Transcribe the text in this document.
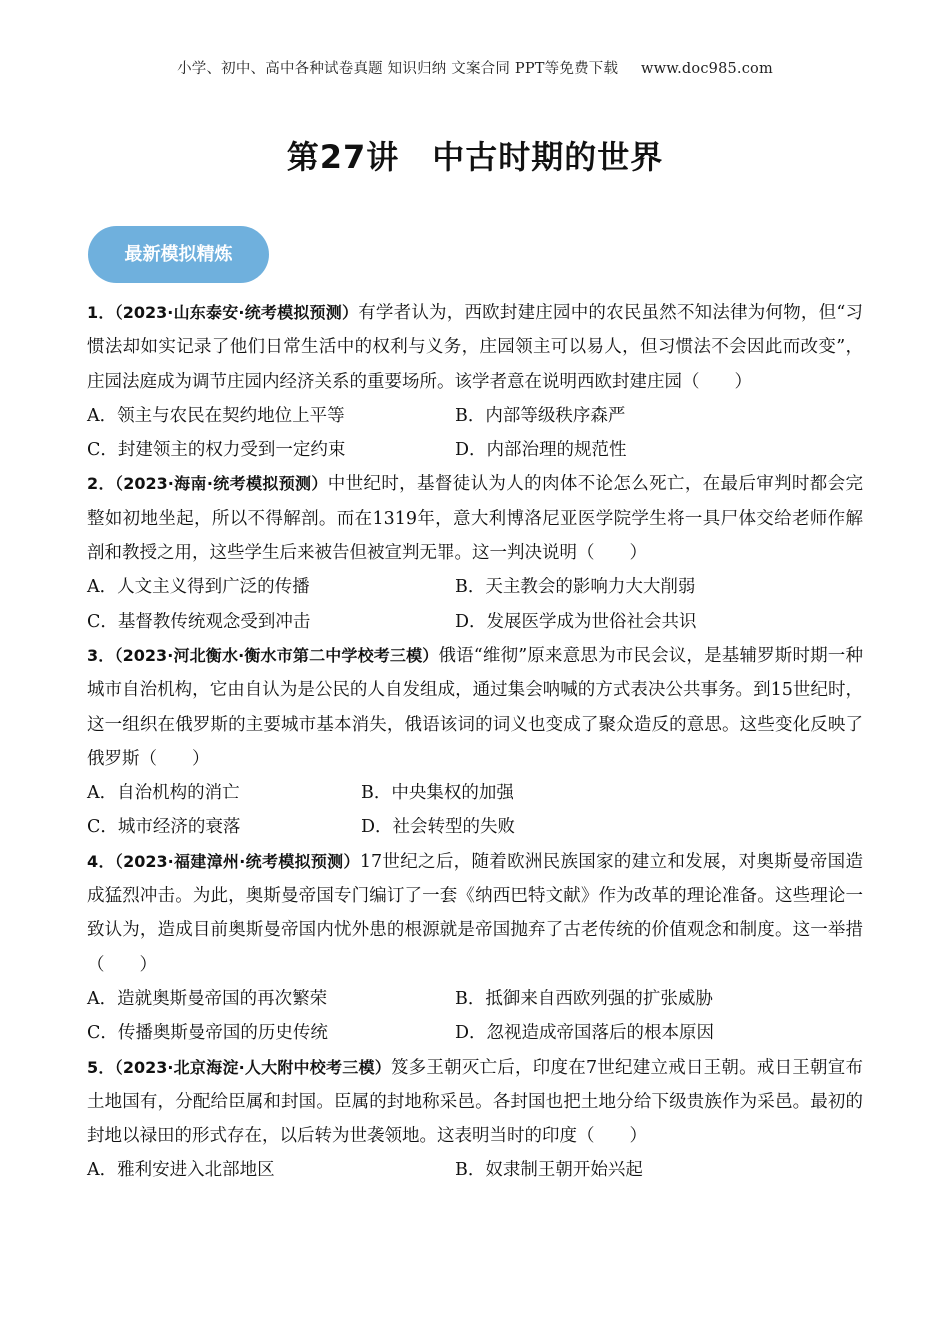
小学、初中、高中各种试卷真题 知识归纳 文案合同 PPT等免费下载 www.doc985.com
第27讲　中古时期的世界
最新模拟精炼

1．（2023·山东泰安·统考模拟预测）有学者认为，西欧封建庄园中的农民虽然不知法律为何物，但“习惯法却如实记录了他们日常生活中的权利与义务，庄园领主可以易人，但习惯法不会因此而改变”，庄园法庭成为调节庄园内经济关系的重要场所。该学者意在说明西欧封建庄园（　　）

A．领主与农民在契约地位上平等	B．内部等级秩序森严
C．封建领主的权力受到一定约束	D．内部治理的规范性

2．（2023·海南·统考模拟预测）中世纪时，基督徒认为人的肉体不论怎么死亡，在最后审判时都会完整如初地坐起，所以不得解剖。而在1319年，意大利博洛尼亚医学院学生将一具尸体交给老师作解剖和教授之用，这些学生后来被告但被宣判无罪。这一判决说明（　　）

A．人文主义得到广泛的传播	B．天主教会的影响力大大削弱
C．基督教传统观念受到冲击	D．发展医学成为世俗社会共识

3．（2023·河北衡水·衡水市第二中学校考三模）俄语“维彻”原来意思为市民会议，是基辅罗斯时期一种城市自治机构，它由自认为是公民的人自发组成，通过集会呐喊的方式表决公共事务。到15世纪时，这一组织在俄罗斯的主要城市基本消失，俄语该词的词义也变成了聚众造反的意思。这些变化反映了俄罗斯（　　）

A．自治机构的消亡	B．中央集权的加强
C．城市经济的衰落	D．社会转型的失败

4．（2023·福建漳州·统考模拟预测）17世纪之后，随着欧洲民族国家的建立和发展，对奥斯曼帝国造成猛烈冲击。为此，奥斯曼帝国专门编订了一套《纳西巴特文献》作为改革的理论准备。这些理论一致认为，造成目前奥斯曼帝国内忧外患的根源就是帝国抛弃了古老传统的价值观念和制度。这一举措（　　）

A．造就奥斯曼帝国的再次繁荣	B．抵御来自西欧列强的扩张威胁
C．传播奥斯曼帝国的历史传统	D．忽视造成帝国落后的根本原因

5．（2023·北京海淀·人大附中校考三模）笈多王朝灭亡后，印度在7世纪建立戒日王朝。戒日王朝宣布土地国有，分配给臣属和封国。臣属的封地称采邑。各封国也把土地分给下级贵族作为采邑。最初的封地以禄田的形式存在，以后转为世袭领地。这表明当时的印度（　　）

A．雅利安进入北部地区	B．奴隶制王朝开始兴起
